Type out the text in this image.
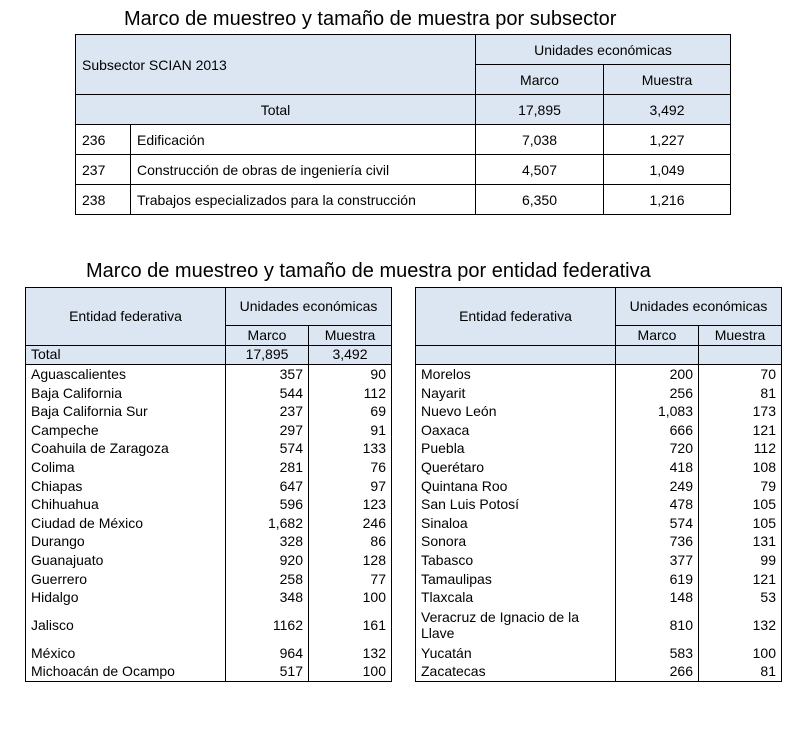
Marco de muestreo y tamaño de muestra por subsector
Subsector SCIAN 2013		Unidades económicas	
		Marco	Muestra
Total		17,895	3,492
236	Edificación	7,038	1,227
237	Construcción de obras de ingeniería civil	4,507	1,049
238	Trabajos especializados para la construcción	6,350	1,216
Marco de muestreo y tamaño de muestra por entidad federativa
Entidad federativa	Unidades económicas	
	Marco	Muestra
Total	17,895	3,492
Aguascalientes	357	90
Baja California	544	112
Baja California Sur	237	69
Campeche	297	91
Coahuila de Zaragoza	574	133
Colima	281	76
Chiapas	647	97
Chihuahua	596	123
Ciudad de México	1,682	246
Durango	328	86
Guanajuato	920	128
Guerrero	258	77
Hidalgo	348	100
Jalisco	1162	161
México	964	132
Michoacán de Ocampo	517	100
Entidad federativa	Unidades económicas	
	Marco	Muestra

Morelos	200	70
Nayarit	256	81
Nuevo León	1,083	173
Oaxaca	666	121
Puebla	720	112
Querétaro	418	108
Quintana Roo	249	79
San Luis Potosí	478	105
Sinaloa	574	105
Sonora	736	131
Tabasco	377	99
Tamaulipas	619	121
Tlaxcala	148	53
Veracruz de Ignacio de la Llave	810	132
Yucatán	583	100
Zacatecas	266	81
